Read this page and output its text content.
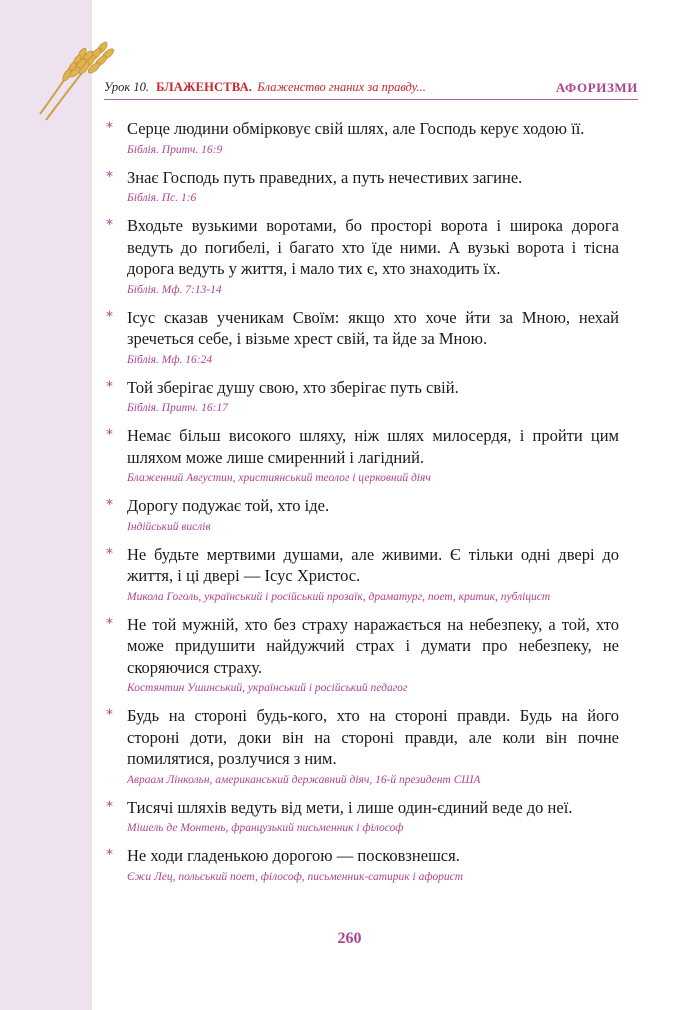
Урок 10. БЛАЖЕНСТВА. Блаженство гнаних за правду...	АФОРИЗМИ
* Серце людини обмірковує свій шлях, але Господь керує ходою її.
Біблія. Притч. 16:9
* Знає Господь путь праведних, а путь нечестивих загине.
Біблія. Пс. 1:6
* Входьте вузькими воротами, бо просторі ворота і широка дорога ведуть до погибелі, і багато хто їде ними. А вузькі ворота і тісна дорога ведуть у життя, і мало тих є, хто знаходить їх.
Біблія. Мф. 7:13-14
* Ісус сказав ученикам Своїм: якщо хто хоче йти за Мною, нехай зречеться себе, і візьме хрест свій, та йде за Мною.
Біблія. Мф. 16:24
* Той зберігає душу свою, хто зберігає путь свій.
Біблія. Притч. 16:17
* Немає більш високого шляху, ніж шлях милосердя, і пройти цим шляхом може лише смиренний і лагідний.
Блаженний Августин, християнський теолог і церковний діяч
* Дорогу подужає той, хто іде.
Індійський вислів
* Не будьте мертвими душами, але живими. Є тільки одні двері до життя, і ці двері — Ісус Христос.
Микола Гоголь, український і російський прозаїк, драматург, поет, критик, публіцист
* Не той мужній, хто без страху наражається на небезпеку, а той, хто може придушити найдужчий страх і думати про небезпеку, не скоряючися страху.
Костянтин Ушинський, український і російський педагог
* Будь на стороні будь-кого, хто на стороні правди. Будь на його стороні доти, доки він на стороні правди, але коли він почне помилятися, розлучися з ним.
Авраам Лінкольн, американський державний діяч, 16-й президент США
* Тисячі шляхів ведуть від мети, і лише один-єдиний веде до неї.
Мішель де Монтень, французький письменник і філософ
* Не ходи гладенькою дорогою — посковзнешся.
Єжи Лец, польський поет, філософ, письменник-сатирик і афорист
260
